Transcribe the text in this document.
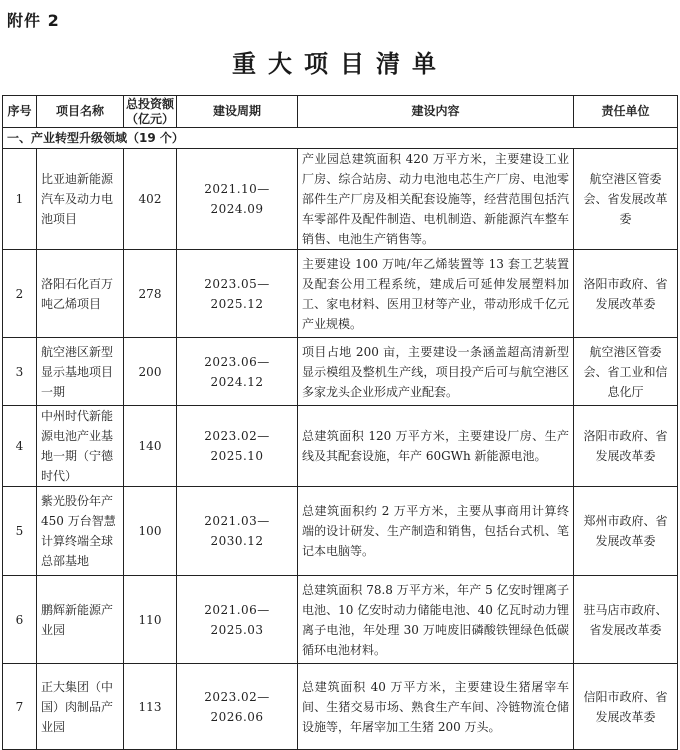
附件 2
重大项目清单
序号	项目名称	总投资额（亿元）	建设周期	建设内容	责任单位
一、产业转型升级领域（19 个）					
1	比亚迪新能源汽车及动力电池项目	402	2021.10—2024.09	产业园总建筑面积 420 万平方米，主要建设工业厂房、综合站房、动力电池电芯生产厂房、电池零部件生产厂房及相关配套设施等，经营范围包括汽车零部件及配件制造、电机制造、新能源汽车整车销售、电池生产销售等。	航空港区管委会、省发展改革委
2	洛阳石化百万吨乙烯项目	278	2023.05—2025.12	主要建设 100 万吨/年乙烯装置等 13 套工艺装置及配套公用工程系统，建成后可延伸发展塑料加工、家电材料、医用卫材等产业，带动形成千亿元产业规模。	洛阳市政府、省发展改革委
3	航空港区新型显示基地项目一期	200	2023.06—2024.12	项目占地 200 亩，主要建设一条涵盖超高清新型显示模组及整机生产线，项目投产后可与航空港区多家龙头企业形成产业配套。	航空港区管委会、省工业和信息化厅
4	中州时代新能源电池产业基地一期（宁德时代）	140	2023.02—2025.10	总建筑面积 120 万平方米，主要建设厂房、生产线及其配套设施，年产 60GWh 新能源电池。	洛阳市政府、省发展改革委
5	紫光股份年产 450 万台智慧计算终端全球总部基地	100	2021.03—2030.12	总建筑面积约 2 万平方米，主要从事商用计算终端的设计研发、生产制造和销售，包括台式机、笔记本电脑等。	郑州市政府、省发展改革委
6	鹏辉新能源产业园	110	2021.06—2025.03	总建筑面积 78.8 万平方米，年产 5 亿安时锂离子电池、10 亿安时动力储能电池、40 亿瓦时动力锂离子电池，年处理 30 万吨废旧磷酸铁锂绿色低碳循环电池材料。	驻马店市政府、省发展改革委
7	正大集团（中国）肉制品产业园	113	2023.02—2026.06	总建筑面积 40 万平方米，主要建设生猪屠宰车间、生猪交易市场、熟食生产车间、冷链物流仓储设施等，年屠宰加工生猪 200 万头。	信阳市政府、省发展改革委
